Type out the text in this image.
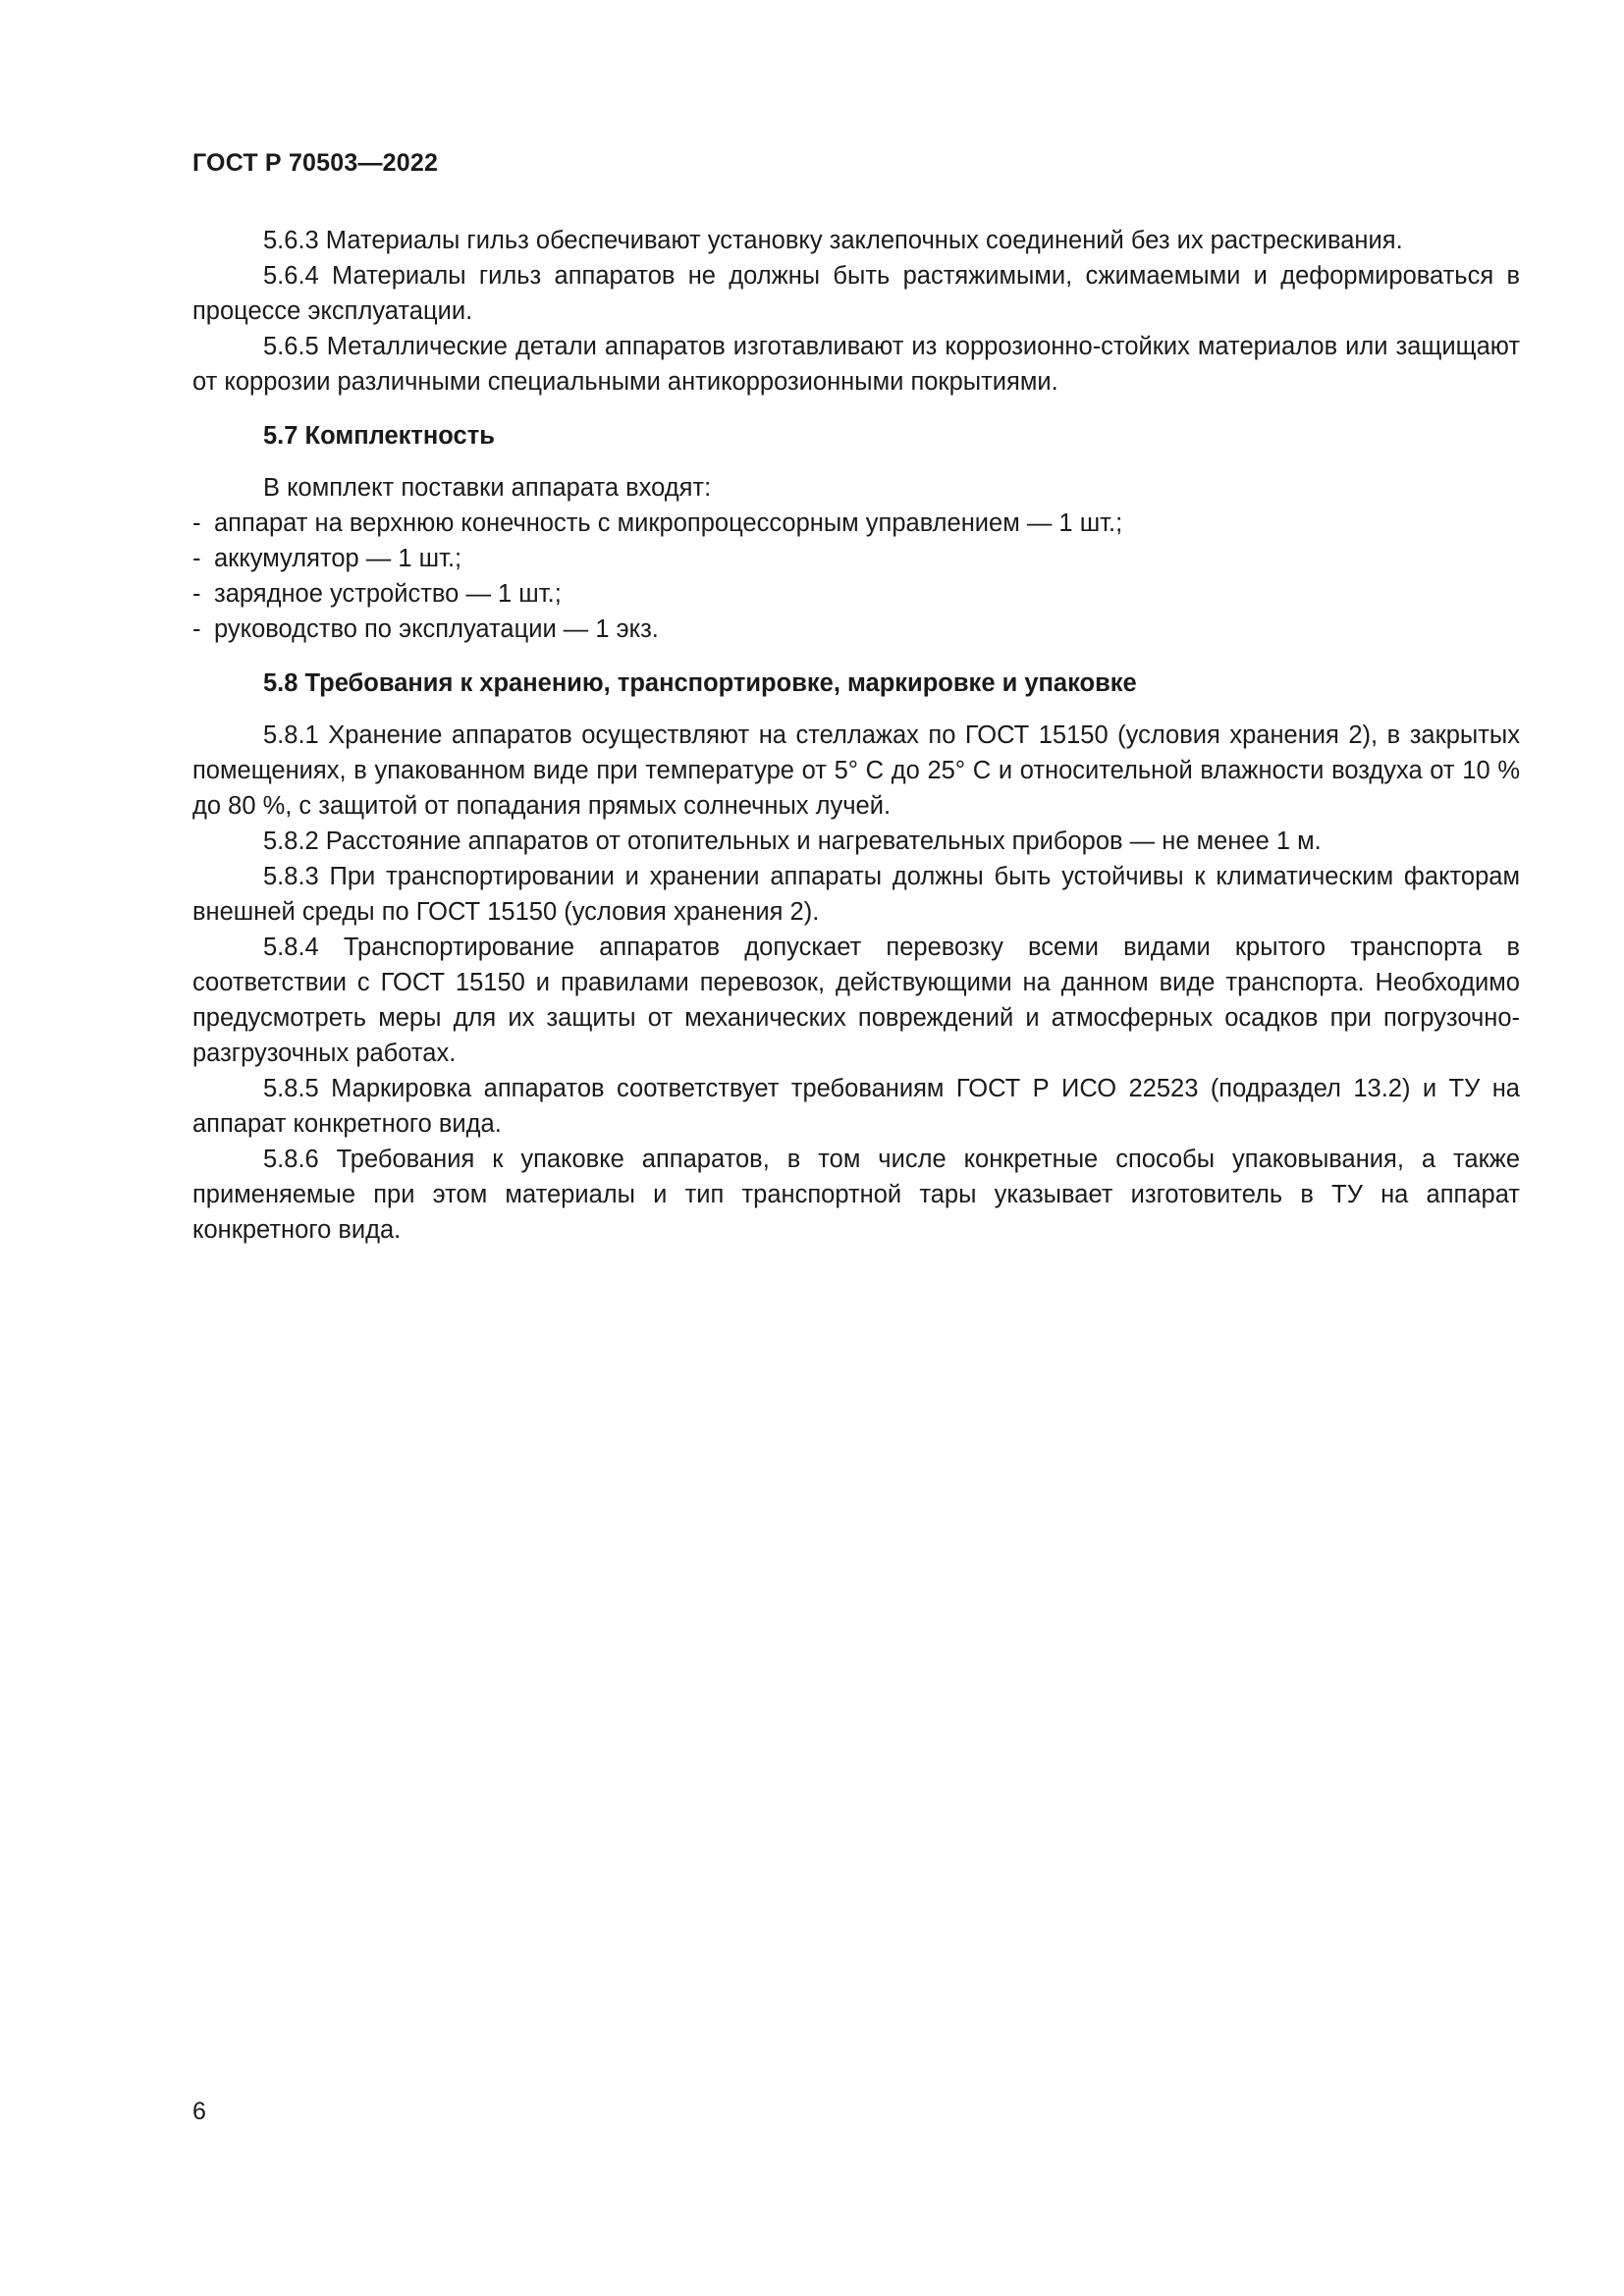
ГОСТ Р 70503—2022

5.6.3 Материалы гильз обеспечивают установку заклепочных соединений без их растрескивания.

5.6.4 Материалы гильз аппаратов не должны быть растяжимыми, сжимаемыми и деформироваться в процессе эксплуатации.

5.6.5 Металлические детали аппаратов изготавливают из коррозионно-стойких материалов или защищают от коррозии различными специальными антикоррозионными покрытиями.

5.7 Комплектность

В комплект поставки аппарата входят:

- аппарат на верхнюю конечность с микропроцессорным управлением — 1 шт.;
- аккумулятор — 1 шт.;
- зарядное устройство — 1 шт.;
- руководство по эксплуатации — 1 экз.
5.8 Требования к хранению, транспортировке, маркировке и упаковке

5.8.1 Хранение аппаратов осуществляют на стеллажах по ГОСТ 15150 (условия хранения 2), в закрытых помещениях, в упакованном виде при температуре от 5° С до 25° С и относительной влажности воздуха от 10 % до 80 %, с защитой от попадания прямых солнечных лучей.

5.8.2 Расстояние аппаратов от отопительных и нагревательных приборов — не менее 1 м.

5.8.3 При транспортировании и хранении аппараты должны быть устойчивы к климатическим факторам внешней среды по ГОСТ 15150 (условия хранения 2).

5.8.4 Транспортирование аппаратов допускает перевозку всеми видами крытого транспорта в соответствии с ГОСТ 15150 и правилами перевозок, действующими на данном виде транспорта. Необходимо предусмотреть меры для их защиты от механических повреждений и атмосферных осадков при погрузочно-разгрузочных работах.

5.8.5 Маркировка аппаратов соответствует требованиям ГОСТ Р ИСО 22523 (подраздел 13.2) и ТУ на аппарат конкретного вида.

5.8.6 Требования к упаковке аппаратов, в том числе конкретные способы упаковывания, а также применяемые при этом материалы и тип транспортной тары указывает изготовитель в ТУ на аппарат конкретного вида.

6
